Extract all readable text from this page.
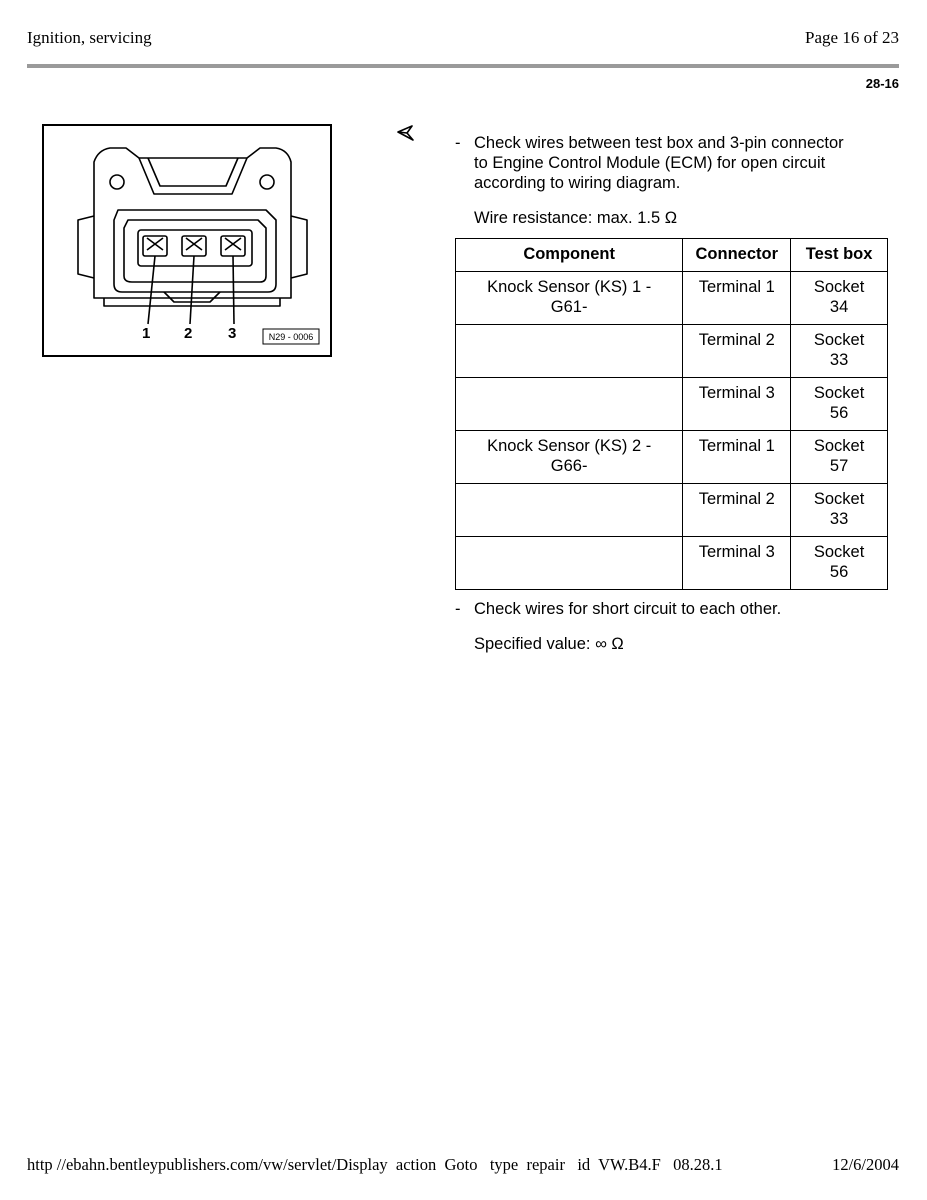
Ignition, servicing	Page 16 of 23
28-16
1 2 3	N29 - 0006
- Check wires between test box and 3-pin connector
to Engine Control Module (ECM) for open circuit
according to wiring diagram.
Wire resistance: max. 1.5 Ω
Component	Connector	Test box
Knock Sensor (KS) 1 -
G61-	Terminal 1	Socket
34
	Terminal 2	Socket
33
	Terminal 3	Socket
56
Knock Sensor (KS) 2 -
G66-	Terminal 1	Socket
57
	Terminal 2	Socket
33
	Terminal 3	Socket
56
- Check wires for short circuit to each other.
Specified value: ∞ Ω
http //ebahn.bentleypublishers.com/vw/servlet/Display  action  Goto   type  repair   id  VW.B4.F   08.28.1	12/6/2004
